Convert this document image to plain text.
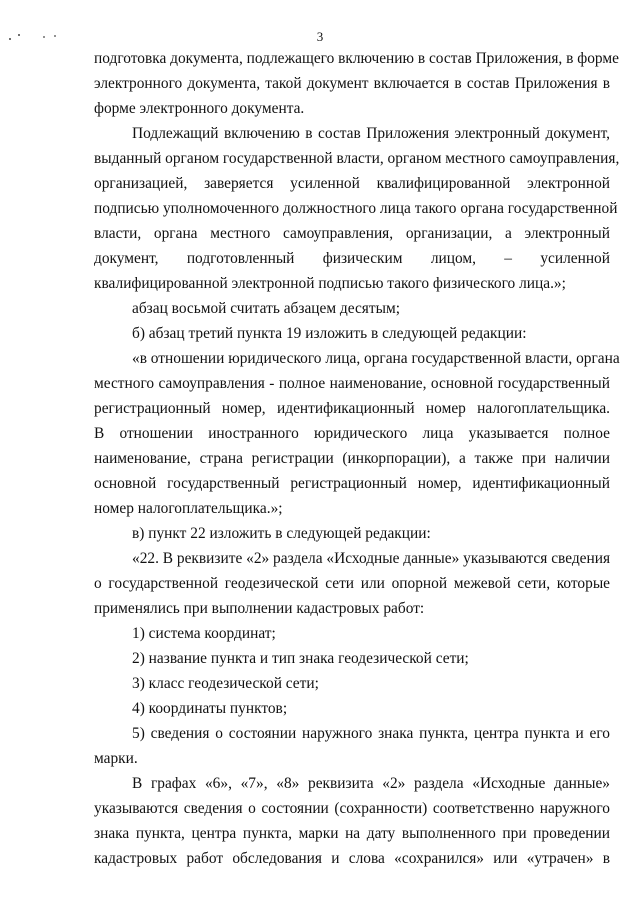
3
подготовка документа, подлежащего включению в состав Приложения, в форме
электронного документа, такой документ включается в состав Приложения в
форме электронного документа.
Подлежащий включению в состав Приложения электронный документ,
выданный органом государственной власти, органом местного самоуправления,
организацией, заверяется усиленной квалифицированной электронной
подписью уполномоченного должностного лица такого органа государственной
власти, органа местного самоуправления, организации, а электронный
документ, подготовленный физическим лицом, – усиленной
квалифицированной электронной подписью такого физического лица.»;
абзац восьмой считать абзацем десятым;
б) абзац третий пункта 19 изложить в следующей редакции:
«в отношении юридического лица, органа государственной власти, органа
местного самоуправления - полное наименование, основной государственный
регистрационный номер, идентификационный номер налогоплательщика.
В отношении иностранного юридического лица указывается полное
наименование, страна регистрации (инкорпорации), а также при наличии
основной государственный регистрационный номер, идентификационный
номер налогоплательщика.»;
в) пункт 22 изложить в следующей редакции:
«22. В реквизите «2» раздела «Исходные данные» указываются сведения
о государственной геодезической сети или опорной межевой сети, которые
применялись при выполнении кадастровых работ:
1) система координат;
2) название пункта и тип знака геодезической сети;
3) класс геодезической сети;
4) координаты пунктов;
5) сведения о состоянии наружного знака пункта, центра пункта и его
марки.
В графах «6», «7», «8» реквизита «2» раздела «Исходные данные»
указываются сведения о состоянии (сохранности) соответственно наружного
знака пункта, центра пункта, марки на дату выполненного при проведении
кадастровых работ обследования и слова «сохранился» или «утрачен» в
